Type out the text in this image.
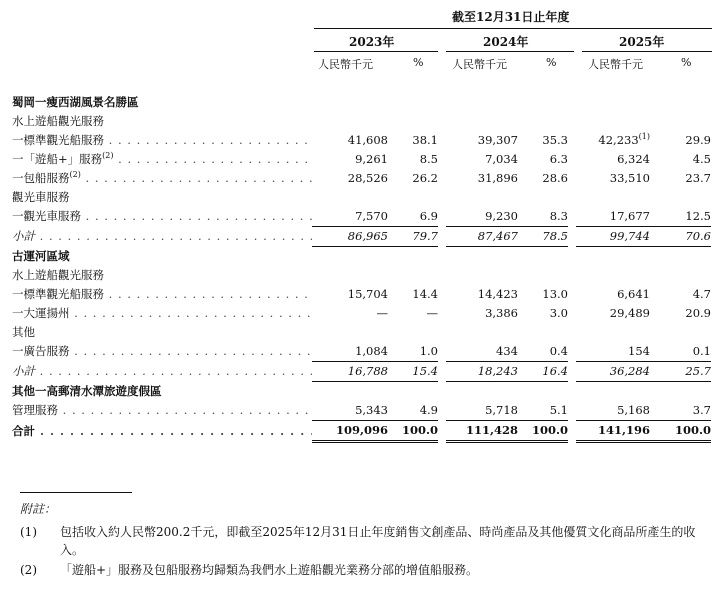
截至12月31日止年度
2023年	2024年	2025年
人民幣千元	%	人民幣千元	%	人民幣千元	%
蜀岡一瘦西湖風景名勝區						
水上遊船觀光服務						
一標準觀光船服務 . . .	41,608	38.1	39,307	35.3	42,233$^{(1)}$	29.9
一「遊船+」服務$^{(2)}$ . . .	9,261	8.5	7,034	6.3	6,324	4.5
一包船服務$^{(2)}$ . . .	28,526	26.2	31,896	28.6	33,510	23.7
觀光車服務						
一觀光車服務 . . .	7,570	6.9	9,230	8.3	17,677	12.5
小計 . . .	86,965	79.7	87,467	78.5	99,744	70.6
古運河區域						
水上遊船觀光服務						
一標準觀光船服務 . . .	15,704	14.4	14,423	13.0	6,641	4.7
一大運揚州 . . .	—	—	3,386	3.0	29,489	20.9
其他						
一廣告服務 . . .	1,084	1.0	434	0.4	154	0.1
小計 . . .	16,788	15.4	18,243	16.4	36,284	25.7
其他一高郵清水潭旅遊度假區						
管理服務 . . .	5,343	4.9	5,718	5.1	5,168	3.7
合計 . . .	109,096	100.0	111,428	100.0	141,196	100.0
附註：
(1)	包括收入約人民幣200.2千元，即截至2025年12月31日止年度銷售文創產品、時尚產品及其他優質文化商品所產生的收入。
(2)	「遊船+」服務及包船服務均歸類為我們水上遊船觀光業務分部的增值船服務。
